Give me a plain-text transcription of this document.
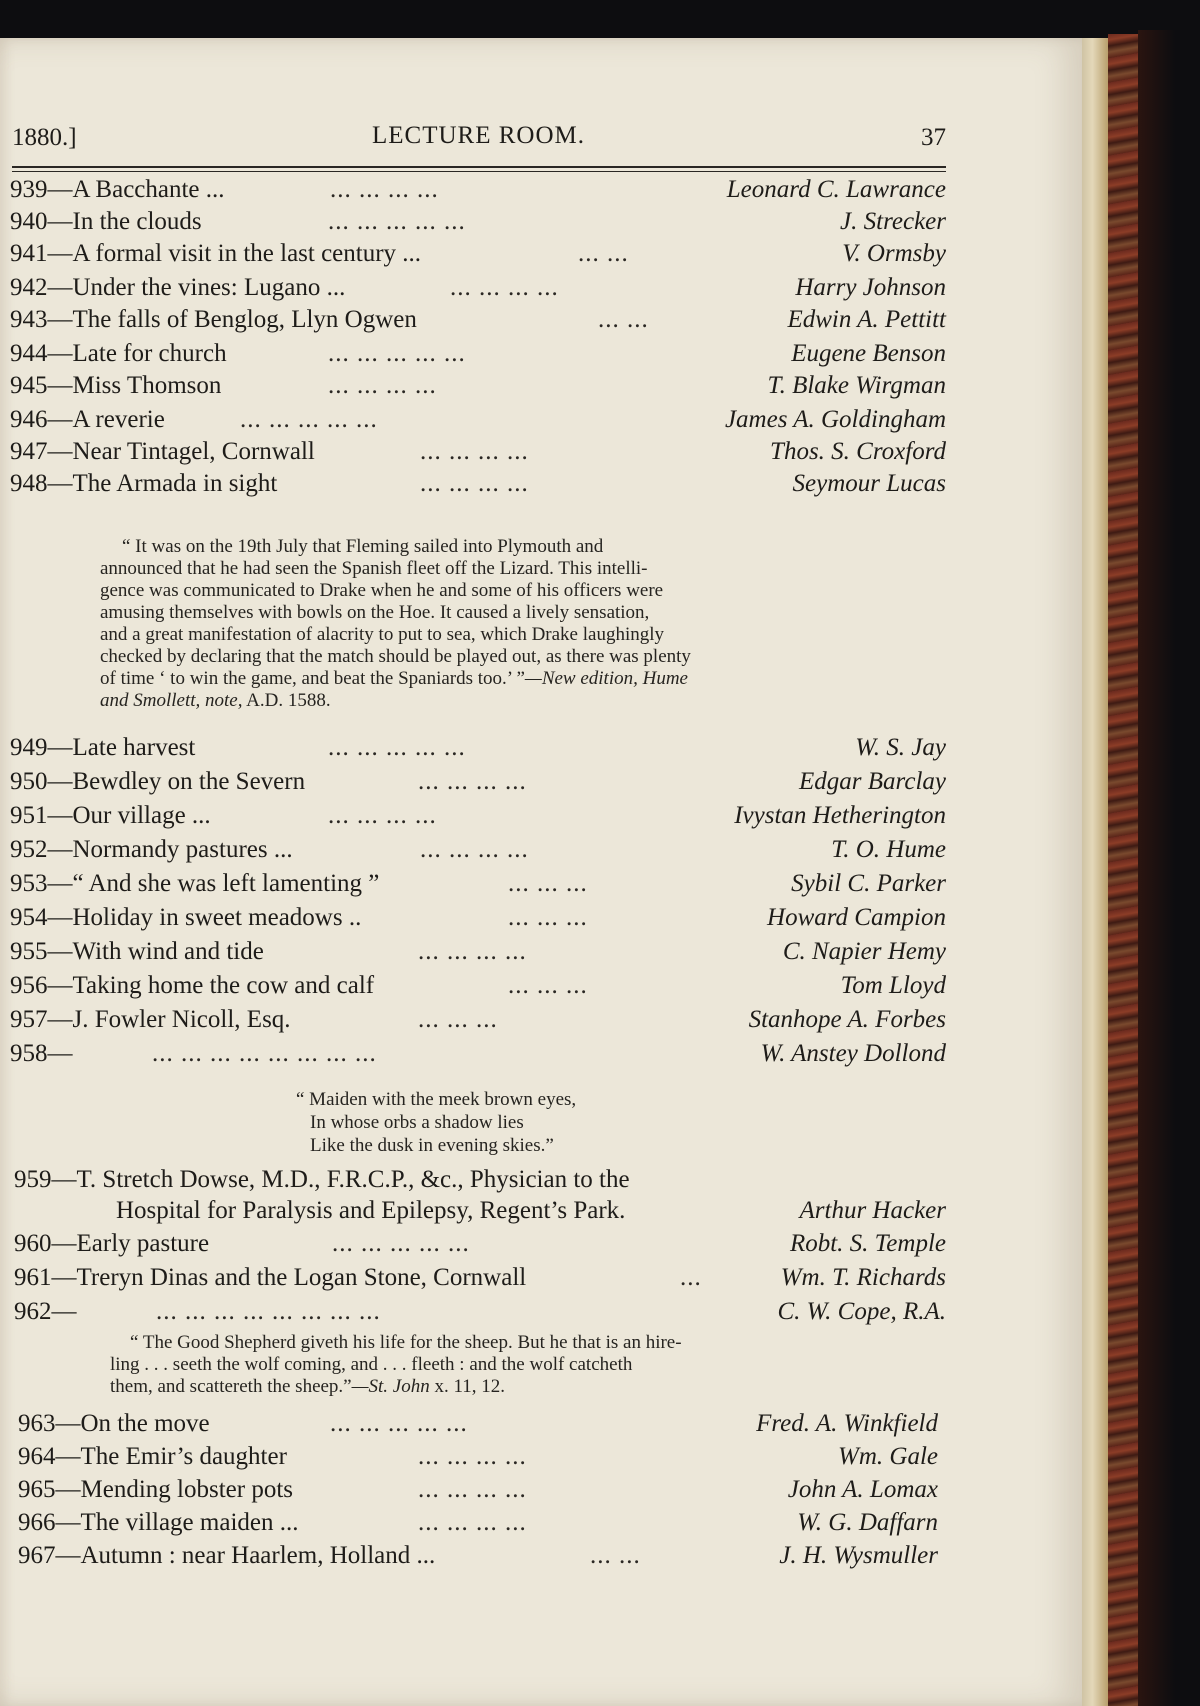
1880.]	LECTURE ROOM.	37
939—A Bacchante ...	... ... ... ...	Leonard C. Lawrance
940—In the clouds	... ... ... ... ...	J. Strecker
941—A formal visit in the last century ...	... ...	V. Ormsby
942—Under the vines: Lugano ...	... ... ... ...	Harry Johnson
943—The falls of Benglog, Llyn Ogwen	... ...	Edwin A. Pettitt
944—Late for church	... ... ... ... ...	Eugene Benson
945—Miss Thomson	... ... ... ...	T. Blake Wirgman
946—A reverie	... ... ... ... ...	James A. Goldingham
947—Near Tintagel, Cornwall	... ... ... ...	Thos. S. Croxford
948—The Armada in sight	... ... ... ...	Seymour Lucas
“ It was on the 19th July that Fleming sailed into Plymouth and
announced that he had seen the Spanish fleet off the Lizard. This intelli-
gence was communicated to Drake when he and some of his officers were
amusing themselves with bowls on the Hoe. It caused a lively sensation,
and a great manifestation of alacrity to put to sea, which Drake laughingly
checked by declaring that the match should be played out, as there was plenty
of time ‘ to win the game, and beat the Spaniards too.’ ”—New edition, Hume
and Smollett, note, A.D. 1588.
949—Late harvest	... ... ... ... ...	W. S. Jay
950—Bewdley on the Severn	... ... ... ...	Edgar Barclay
951—Our village ...	... ... ... ...	Ivystan Hetherington
952—Normandy pastures ...	... ... ... ...	T. O. Hume
953—“ And she was left lamenting ”	... ... ...	Sybil C. Parker
954—Holiday in sweet meadows ..	... ... ...	Howard Campion
955—With wind and tide	... ... ... ...	C. Napier Hemy
956—Taking home the cow and calf	... ... ...	Tom Lloyd
957—J. Fowler Nicoll, Esq.	... ... ...	Stanhope A. Forbes
958—	... ... ... ... ... ... ... ...	W. Anstey Dollond
“ Maiden with the meek brown eyes,
In whose orbs a shadow lies
Like the dusk in evening skies.”
959—T. Stretch Dowse, M.D., F.R.C.P., &c., Physician to the
Hospital for Paralysis and Epilepsy, Regent’s Park.	Arthur Hacker
960—Early pasture	... ... ... ... ...	Robt. S. Temple
961—Treryn Dinas and the Logan Stone, Cornwall	...	Wm. T. Richards
962—	... ... ... ... ... ... ... ...	C. W. Cope, R.A.
“ The Good Shepherd giveth his life for the sheep. But he that is an hire-
ling . . . seeth the wolf coming, and . . . fleeth : and the wolf catcheth
them, and scattereth the sheep.”—St. John x. 11, 12.
963—On the move	... ... ... ... ...	Fred. A. Winkfield
964—The Emir’s daughter	... ... ... ...	Wm. Gale
965—Mending lobster pots	... ... ... ...	John A. Lomax
966—The village maiden ...	... ... ... ...	W. G. Daffarn
967—Autumn : near Haarlem, Holland ...	... ...	J. H. Wysmuller
